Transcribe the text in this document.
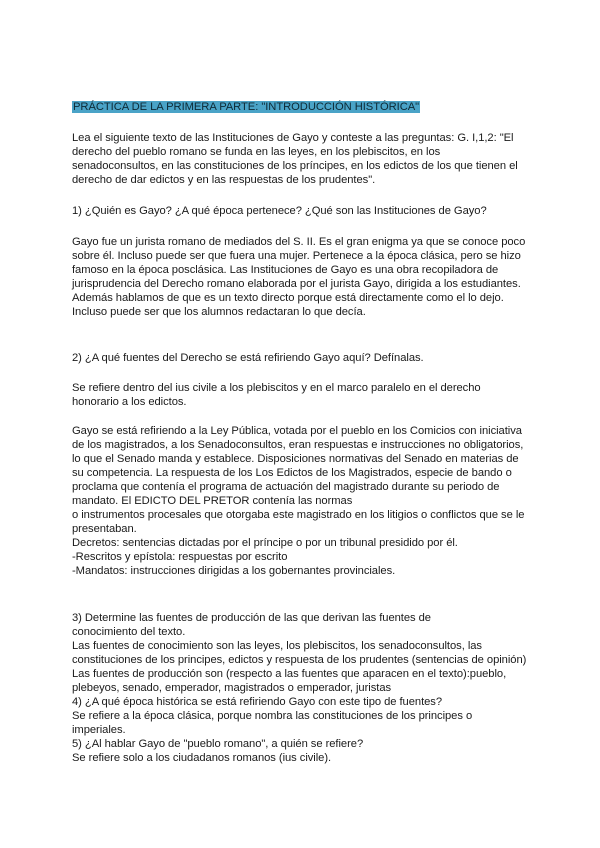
PRÁCTICA DE LA PRIMERA PARTE: "INTRODUCCIÓN HISTÓRICA"
Lea el siguiente texto de las Instituciones de Gayo y conteste a las preguntas: G. I,1,2: "El
derecho del pueblo romano se funda en las leyes, en los plebiscitos, en los
senadoconsultos, en las constituciones de los príncipes, en los edictos de los que tienen el
derecho de dar edictos y en las respuestas de los prudentes".
1) ¿Quién es Gayo? ¿A qué época pertenece? ¿Qué son las Instituciones de Gayo?
Gayo fue un jurista romano de mediados del S. II. Es el gran enigma ya que se conoce poco
sobre él. Incluso puede ser que fuera una mujer. Pertenece a la época clásica, pero se hizo
famoso en la época posclásica. Las Instituciones de Gayo es una obra recopiladora de
jurisprudencia del Derecho romano elaborada por el jurista Gayo, dirigida a los estudiantes.
Además hablamos de que es un texto directo porque está directamente como el lo dejo.
Incluso puede ser que los alumnos redactaran lo que decía.
2) ¿A qué fuentes del Derecho se está refiriendo Gayo aquí? Defínalas.
Se refiere dentro del ius civile a los plebiscitos y en el marco paralelo en el derecho
honorario a los edictos.
Gayo se está refiriendo a la Ley Pública, votada por el pueblo en los Comicios con iniciativa
de los magistrados, a los Senadoconsultos, eran respuestas e instrucciones no obligatorios,
lo que el Senado manda y establece. Disposiciones normativas del Senado en materias de
su competencia. La respuesta de los Los Edictos de los Magistrados, especie de bando o
proclama que contenía el programa de actuación del magistrado durante su periodo de
mandato. El EDICTO DEL PRETOR contenía las normas
o instrumentos procesales que otorgaba este magistrado en los litigios o conflictos que se le
presentaban.
Decretos: sentencias dictadas por el príncipe o por un tribunal presidido por él.
-Rescritos y epístola: respuestas por escrito
-Mandatos: instrucciones dirigidas a los gobernantes provinciales.
3) Determine las fuentes de producción de las que derivan las fuentes de
conocimiento del texto.
Las fuentes de conocimiento son las leyes, los plebiscitos, los senadoconsultos, las
constituciones de los principes, edictos y respuesta de los prudentes (sentencias de opinión)
Las fuentes de producción son (respecto a las fuentes que aparacen en el texto):pueblo,
plebeyos, senado, emperador, magistrados o emperador, juristas
4) ¿A qué época histórica se está refiriendo Gayo con este tipo de fuentes?
Se refiere a la época clásica, porque nombra las constituciones de los principes o
imperiales.
5) ¿Al hablar Gayo de "pueblo romano", a quién se refiere?
Se refiere solo a los ciudadanos romanos (ius civile).
